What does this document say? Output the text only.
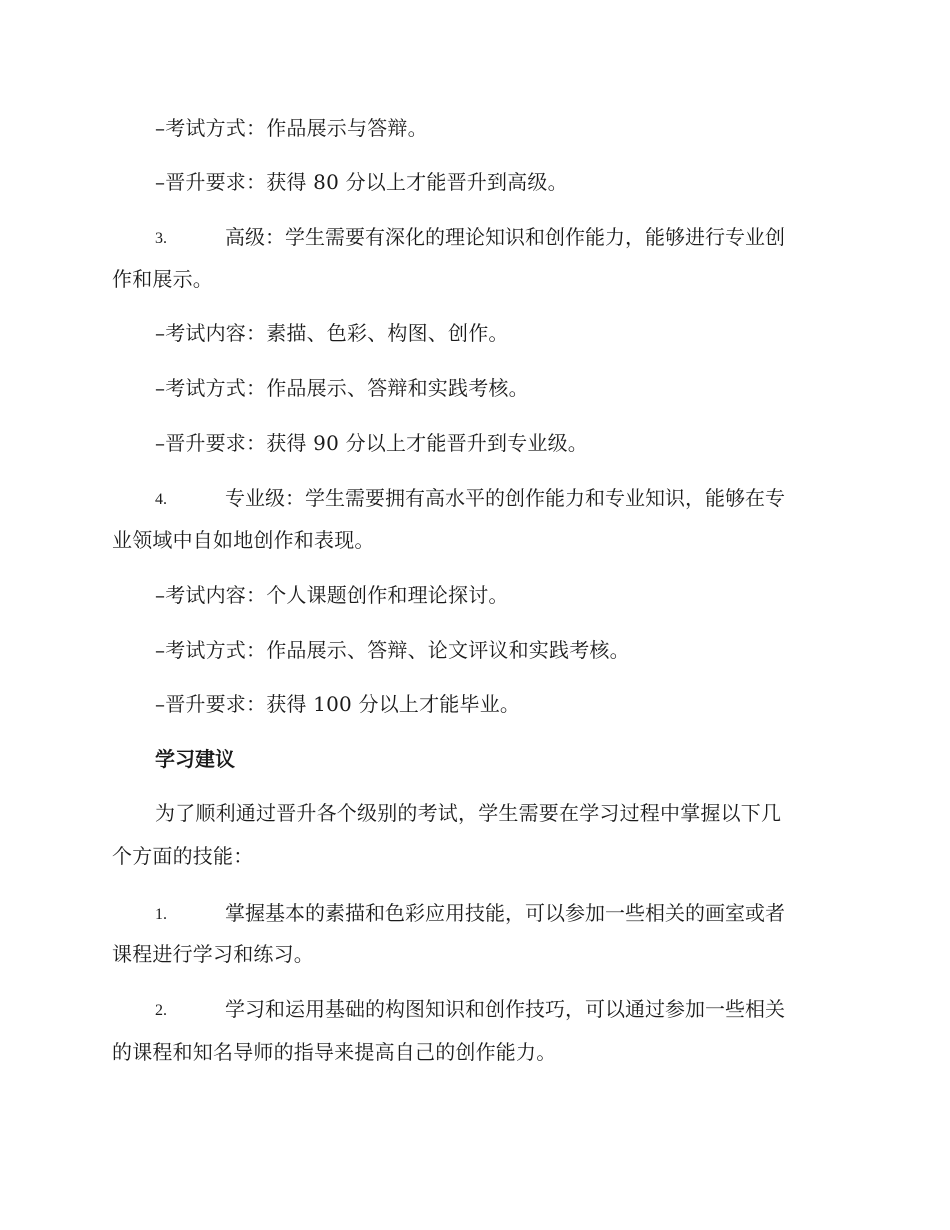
–考试方式：作品展示与答辩。
–晋升要求：获得 80 分以上才能晋升到高级。
3.	高级：学生需要有深化的理论知识和创作能力，能够进行专业创
作和展示。
–考试内容：素描、色彩、构图、创作。
–考试方式：作品展示、答辩和实践考核。
–晋升要求：获得 90 分以上才能晋升到专业级。
4.	专业级：学生需要拥有高水平的创作能力和专业知识，能够在专
业领域中自如地创作和表现。
–考试内容：个人课题创作和理论探讨。
–考试方式：作品展示、答辩、论文评议和实践考核。
–晋升要求：获得 100 分以上才能毕业。
学习建议
为了顺利通过晋升各个级别的考试，学生需要在学习过程中掌握以下几
个方面的技能：
1.	掌握基本的素描和色彩应用技能，可以参加一些相关的画室或者
课程进行学习和练习。
2.	学习和运用基础的构图知识和创作技巧，可以通过参加一些相关
的课程和知名导师的指导来提高自己的创作能力。
